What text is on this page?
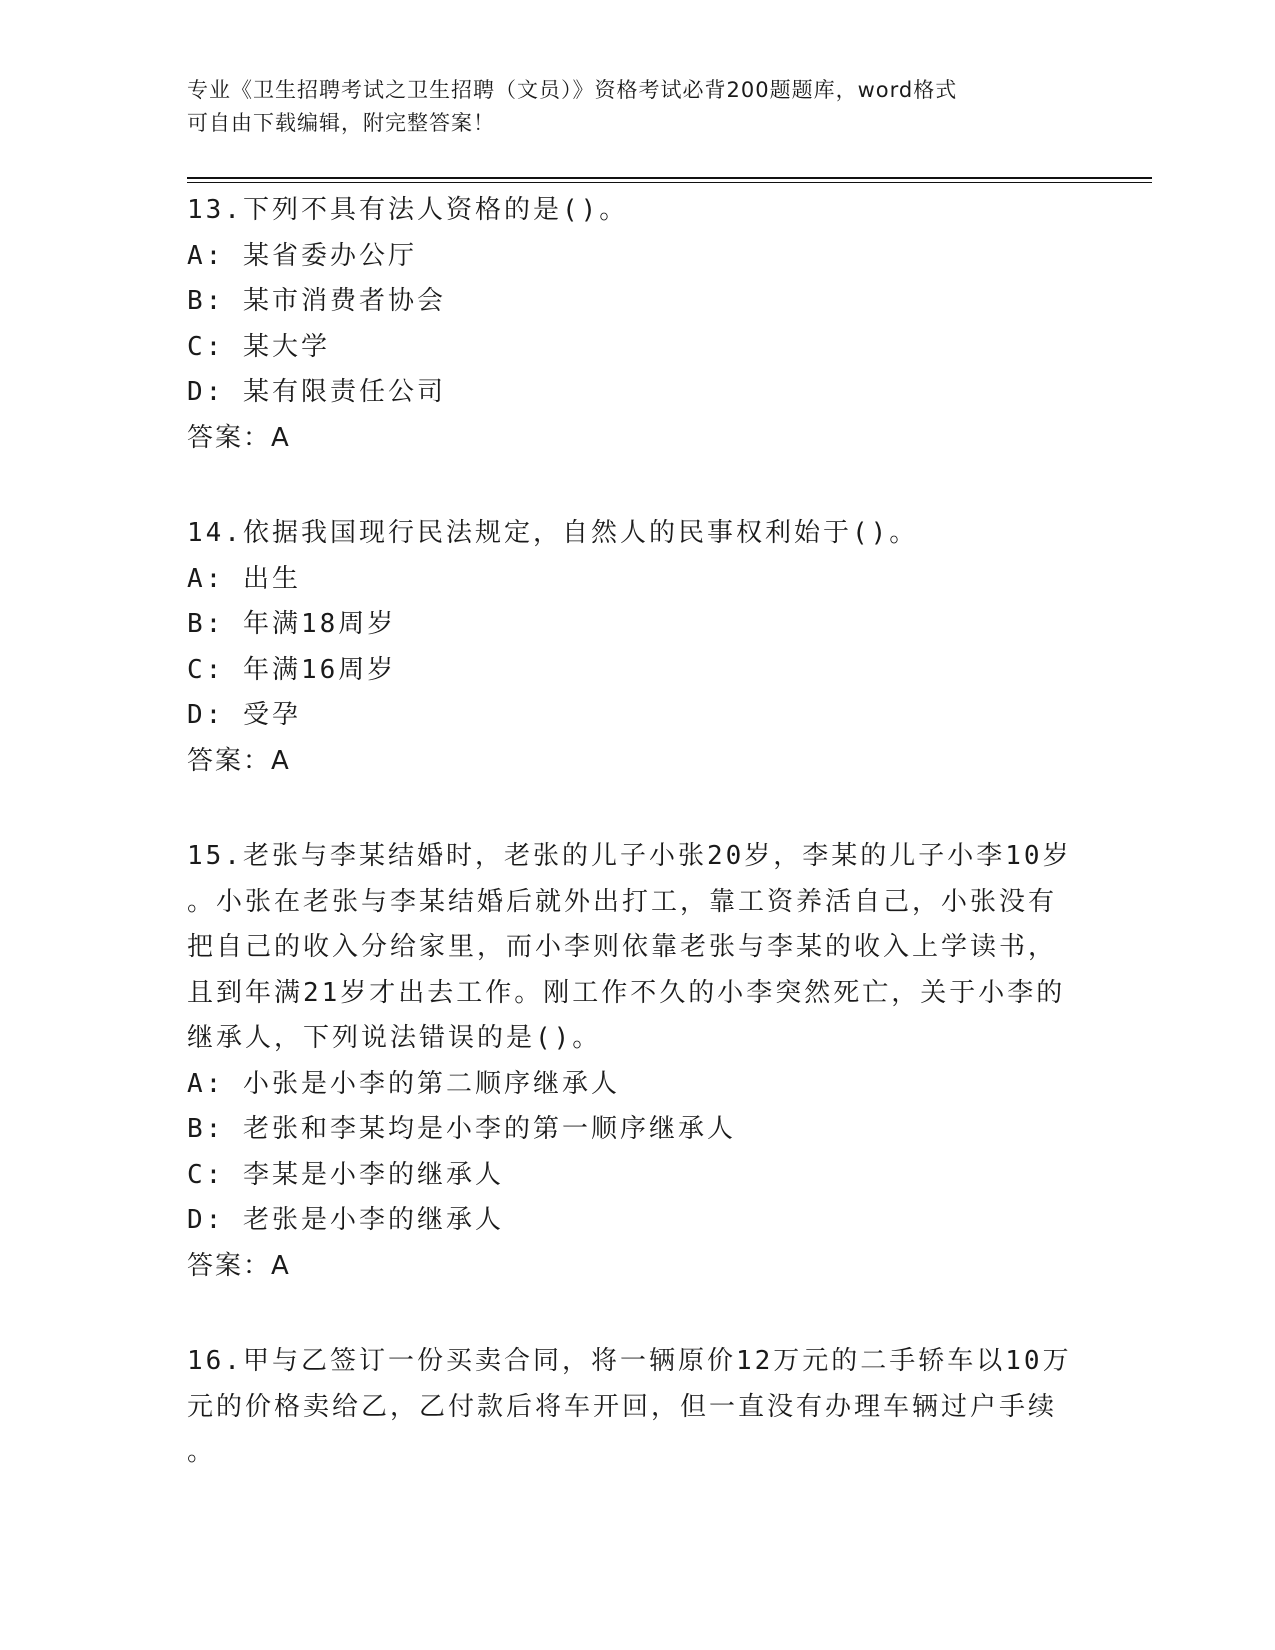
专业《卫生招聘考试之卫生招聘（文员）》资格考试必背200题题库，word格式
可自由下载编辑，附完整答案！
13.下列不具有法人资格的是()。
A: 某省委办公厅
B: 某市消费者协会
C: 某大学
D: 某有限责任公司
答案：A
14.依据我国现行民法规定，自然人的民事权利始于()。
A: 出生
B: 年满18周岁
C: 年满16周岁
D: 受孕
答案：A
15.老张与李某结婚时，老张的儿子小张20岁，李某的儿子小李10岁
。小张在老张与李某结婚后就外出打工，靠工资养活自己，小张没有
把自己的收入分给家里，而小李则依靠老张与李某的收入上学读书，
且到年满21岁才出去工作。刚工作不久的小李突然死亡，关于小李的
继承人，下列说法错误的是()。
A: 小张是小李的第二顺序继承人
B: 老张和李某均是小李的第一顺序继承人
C: 李某是小李的继承人
D: 老张是小李的继承人
答案：A
16.甲与乙签订一份买卖合同，将一辆原价12万元的二手轿车以10万
元的价格卖给乙，乙付款后将车开回，但一直没有办理车辆过户手续
。
